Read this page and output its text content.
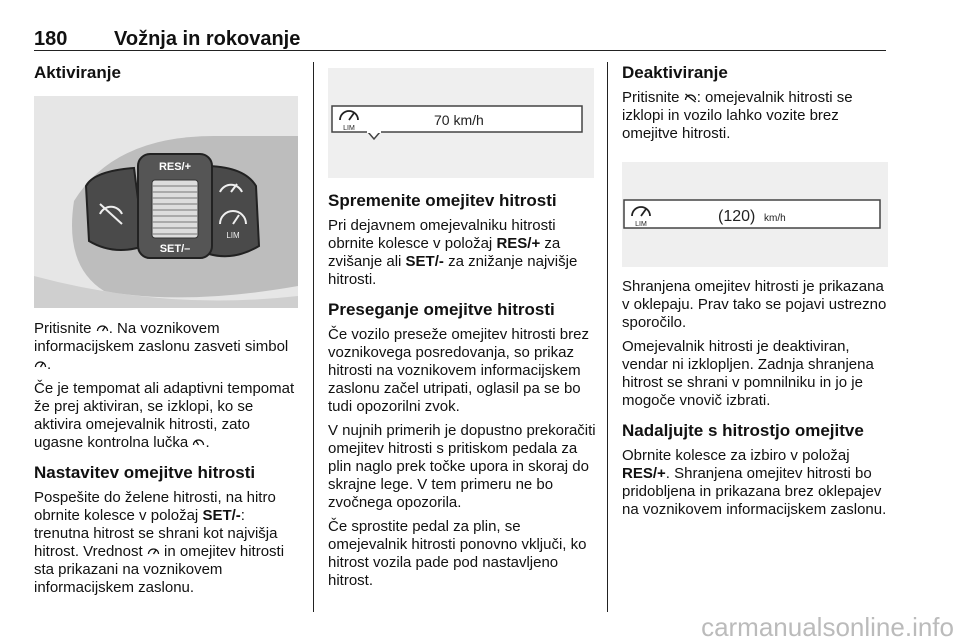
180 Vožnja in rokovanje
Aktiviranje
RES/+
SET/–
LIM

Pritisnite . Na voznikovem informacijskem zaslonu zasveti simbol .

Če je tempomat ali adaptivni tempomat že prej aktiviran, se izklopi, ko se aktivira omejevalnik hitrosti, zato ugasne kontrolna lučka .

Nastavitev omejitve hitrosti

Pospešite do želene hitrosti, na hitro obrnite kolesce v položaj SET/-: trenutna hitrost se shrani kot najvišja hitrost. Vrednost in omejitev hitrosti sta prikazani na voznikovem informacijskem zaslonu.

LIM
70 km/h
Spremenite omejitev hitrosti

Pri dejavnem omejevalniku hitrosti obrnite kolesce v položaj RES/+ za zvišanje ali SET/- za znižanje najvišje hitrosti.

Preseganje omejitve hitrosti

Če vozilo preseže omejitev hitrosti brez voznikovega posredovanja, so prikaz hitrosti na voznikovem informacijskem zaslonu začel utripati, oglasil pa se bo tudi opozorilni zvok.

V nujnih primerih je dopustno prekoračiti omejitev hitrosti s pritiskom pedala za plin naglo prek točke upora in skoraj do skrajne lege. V tem primeru ne bo zvočnega opozorila.

Če sprostite pedal za plin, se omejevalnik hitrosti ponovno vključi, ko hitrost vozila pade pod nastavljeno hitrost.

Deaktiviranje

Pritisnite : omejevalnik hitrosti se izklopi in vozilo lahko vozite brez omejitve hitrosti.

LIM	(120) km/h

Shranjena omejitev hitrosti je prikazana v oklepaju. Prav tako se pojavi ustrezno sporočilo.

Omejevalnik hitrosti je deaktiviran, vendar ni izklopljen. Zadnja shranjena hitrost se shrani v pomnilniku in jo je mogoče vnovič izbrati.

Nadaljujte s hitrostjo omejitve

Obrnite kolesce za izbiro v položaj RES/+. Shranjena omejitev hitrosti bo pridobljena in prikazana brez oklepajev na voznikovem informacijskem zaslonu.

carmanualsonline.info
